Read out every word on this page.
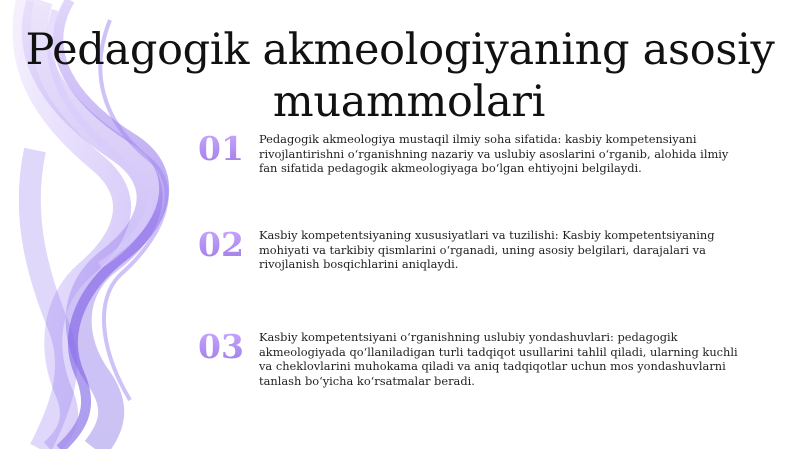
Pedagogik akmeologiyaning asosiy
muammolari
01 Pedagogik akmeologiya mustaqil ilmiy soha sifatida: kasbiy kompetensiyani rivojlantirishni o‘rganishning nazariy va uslubiy asoslarini o‘rganib, alohida ilmiy fan sifatida pedagogik akmeologiyaga bo‘lgan ehtiyojni belgilaydi.
02 Kasbiy kompetentsiyaning xususiyatlari va tuzilishi: Kasbiy kompetentsiyaning mohiyati va tarkibiy qismlarini o‘rganadi, uning asosiy belgilari, darajalari va rivojlanish bosqichlarini aniqlaydi.
03 Kasbiy kompetentsiyani o‘rganishning uslubiy yondashuvlari: pedagogik akmeologiyada qo‘llaniladigan turli tadqiqot usullarini tahlil qiladi, ularning kuchli va cheklovlarini muhokama qiladi va aniq tadqiqotlar uchun mos yondashuvlarni tanlash bo‘yicha ko‘rsatmalar beradi.
